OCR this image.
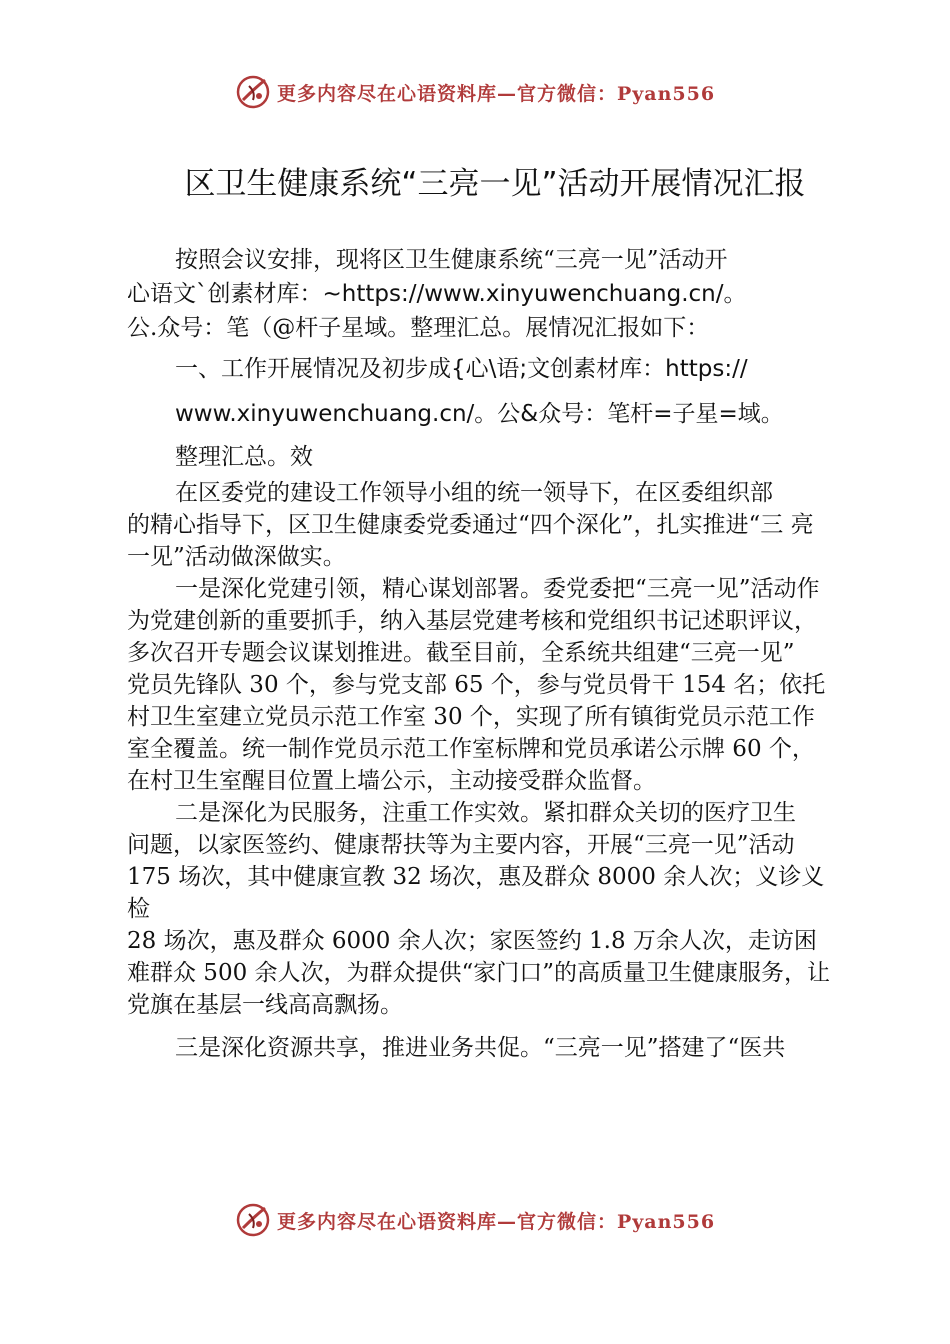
更多内容尽在心语资料库—官方微信：Pyan556
区卫生健康系统“三亮一见”活动开展情况汇报
按照会议安排，现将区卫生健康系统“三亮一见”活动开
心语文`创素材库：~https://www.xinyuwenchuang.cn/。
公.众号：笔（@杆子星域。整理汇总。展情况汇报如下：
一、工作开展情况及初步成{心\语;文创素材库：https://
www.xinyuwenchuang.cn/。公&众号：笔杆=子星=域。
整理汇总。效
在区委党的建设工作领导小组的统一领导下，在区委组织部
的精心指导下，区卫生健康委党委通过“四个深化”，扎实推进“三 亮
一见”活动做深做实。
一是深化党建引领，精心谋划部署。委党委把“三亮一见”活动作
为党建创新的重要抓手，纳入基层党建考核和党组织书记述职评议，
多次召开专题会议谋划推进。截至目前，全系统共组建“三亮一见”
党员先锋队 30 个，参与党支部 65 个，参与党员骨干 154 名；依托
村卫生室建立党员示范工作室 30 个，实现了所有镇街党员示范工作
室全覆盖。统一制作党员示范工作室标牌和党员承诺公示牌 60 个，
在村卫生室醒目位置上墙公示，主动接受群众监督。
二是深化为民服务，注重工作实效。紧扣群众关切的医疗卫生
问题，以家医签约、健康帮扶等为主要内容，开展“三亮一见”活动
175 场次，其中健康宣教 32 场次，惠及群众 8000 余人次；义诊义
检
28 场次，惠及群众 6000 余人次；家医签约 1.8 万余人次，走访困
难群众 500 余人次，为群众提供“家门口”的高质量卫生健康服务，让
党旗在基层一线高高飘扬。
三是深化资源共享，推进业务共促。“三亮一见”搭建了“医共
更多内容尽在心语资料库—官方微信：Pyan556
